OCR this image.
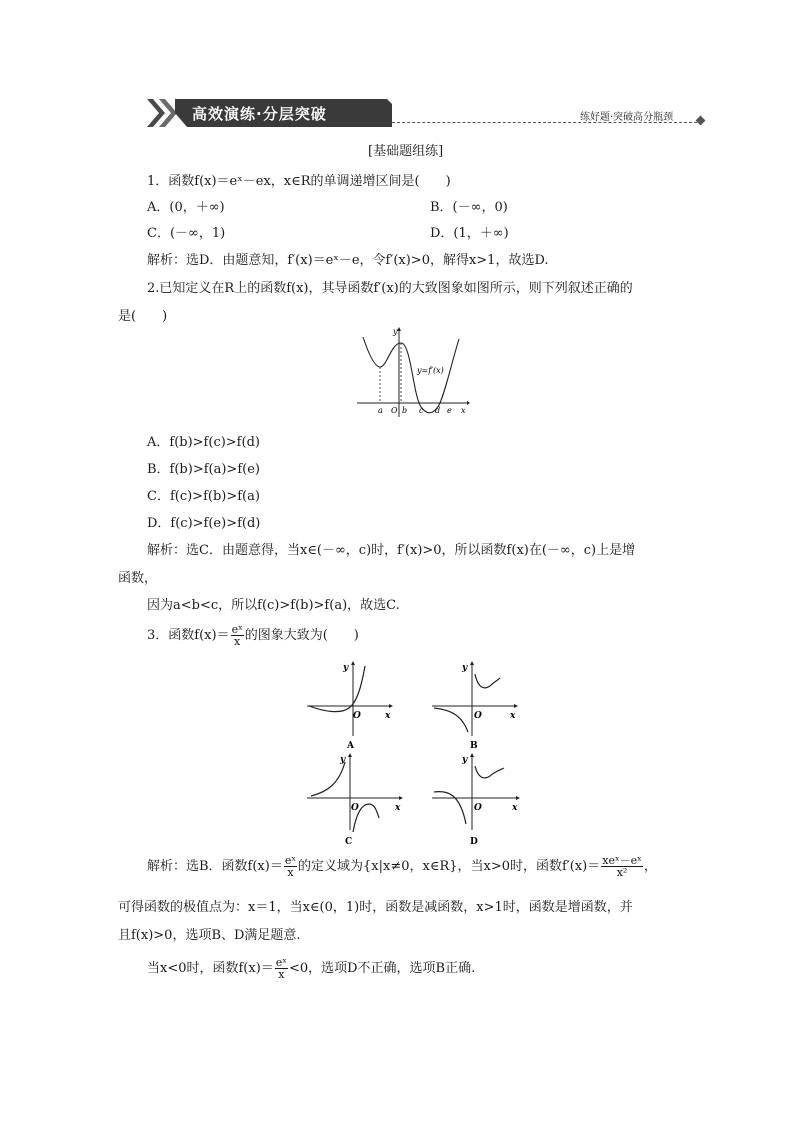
高效演练·分层突破	练好题·突破高分瓶颈
[基础题组练]
1．函数f(x)＝eˣ－ex，x∈R的单调递增区间是(　　)
A．(0，＋∞)	B．(－∞，0)
C．(－∞，1)	D．(1，＋∞)
解析：选D．由题意知，f′(x)＝eˣ－e，令f′(x)>0，解得x>1，故选D.
2.已知定义在R上的函数f(x)，其导函数f′(x)的大致图象如图所示，则下列叙述正确的
是(　　)
y
x
O
a b c d e
y=f′(x)
A．f(b)>f(c)>f(d)
B．f(b)>f(a)>f(e)
C．f(c)>f(b)>f(a)
D．f(c)>f(e)>f(d)
解析：选C．由题意得，当x∈(－∞，c)时，f′(x)>0，所以函数f(x)在(－∞，c)上是增
函数，
因为a<b<c，所以f(c)>f(b)>f(a)，故选C.
3．函数$f(x)= \frac{\text{eˣ}}{x}$ 的图象大致为(　　)
y
x
O
A
y
x
O
B
y
x
O
C
y
x
O
D
解析：选B．函数$f(x)= \frac{\text{eˣ}}{x}$ 的定义域为{x|x≠0，x∈R}，当x>0时，函数$f'(x)= \frac{\text{xeˣ－eˣ}}{\text{x²}}$ ，
可得函数的极值点为：x＝1，当x∈(0，1)时，函数是减函数，x>1时，函数是增函数，并
且f(x)>0，选项B、D满足题意.
当x<0时，函数$f(x)= \frac{\text{eˣ}}{x} <0$，选项D不正确，选项B正确.
